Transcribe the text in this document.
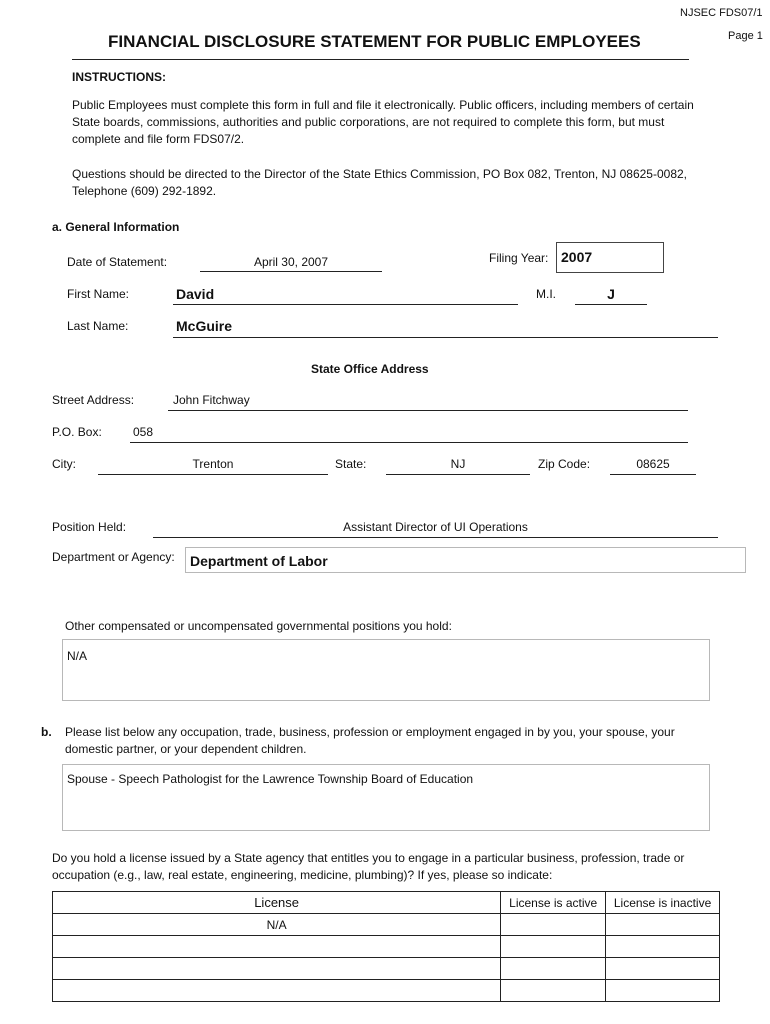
NJSEC FDS07/1
Page 1
FINANCIAL DISCLOSURE STATEMENT FOR PUBLIC EMPLOYEES
INSTRUCTIONS:
Public Employees must complete this form in full and file it electronically. Public officers, including members of certain State boards, commissions, authorities and public corporations, are not required to complete this form, but must complete and file form FDS07/2.
Questions should be directed to the Director of the State Ethics Commission, PO Box 082, Trenton, NJ 08625-0082, Telephone (609) 292-1892.
a. General Information
Date of Statement:	April 30, 2007	Filing Year: 2007
First Name:	David	M.I.	J
Last Name:	McGuire
State Office Address
Street Address:	John Fitchway
P.O. Box:	058
City:	Trenton	State:	NJ	Zip Code:	08625
Position Held:	Assistant Director of UI Operations
Department or Agency: Department of Labor
Other compensated or uncompensated governmental positions you hold:
N/A
b. Please list below any occupation, trade, business, profession or employment engaged in by you, your spouse, your domestic partner, or your dependent children.
Spouse - Speech Pathologist for the Lawrence Township Board of Education
Do you hold a license issued by a State agency that entitles you to engage in a particular business, profession, trade or occupation (e.g., law, real estate, engineering, medicine, plumbing)? If yes, please so indicate:
License	License is active	License is inactive
N/A		
